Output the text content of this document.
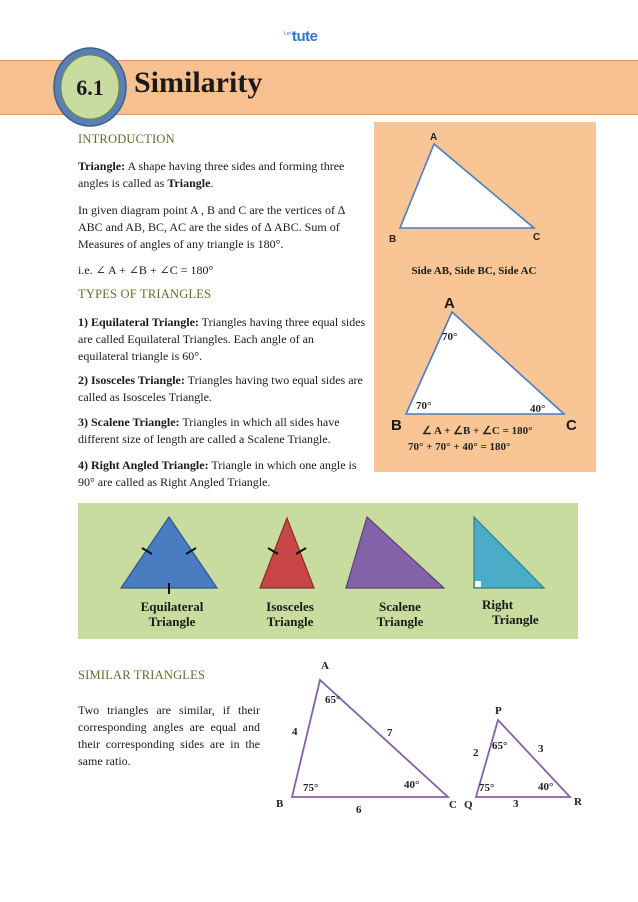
Let's
tute
6.1 Similarity
INTRODUCTION
Triangle: A shape having three sides and forming three angles is called as Triangle.
In given diagram point A , B and C are the vertices of ∆ ABC and AB, BC, AC are the sides of ∆ ABC. Sum of Measures of angles of any triangle is 180°.
i.e. ∠ A + ∠B + ∠C = 180°
TYPES OF TRIANGLES
1) Equilateral Triangle: Triangles having three equal sides are called Equilateral Triangles. Each angle of an equilateral triangle is 60°.
2) Isosceles Triangle: Triangles having two equal sides are called as Isosceles Triangle.
3) Scalene Triangle: Triangles in which all sides have different size of length are called a Scalene Triangle.
4) Right Angled Triangle: Triangle in which one angle is 90° are called as Right Angled Triangle.
A
B	C
Side AB, Side BC, Side AC
A
B	C
70°
70°	40°
∠ A + ∠B + ∠C = 180°
70° + 70° + 40° = 180°
Equilateral
Triangle
Isosceles
Triangle
Scalene
Triangle
Right
Triangle
SIMILAR TRIANGLES
Two triangles are similar, if their corresponding angles are equal and their corresponding sides are in the same ratio.
A
B	C
65°
75°	40°
4	7
6
P
Q	R
65°
75°	40°
2	3
3
